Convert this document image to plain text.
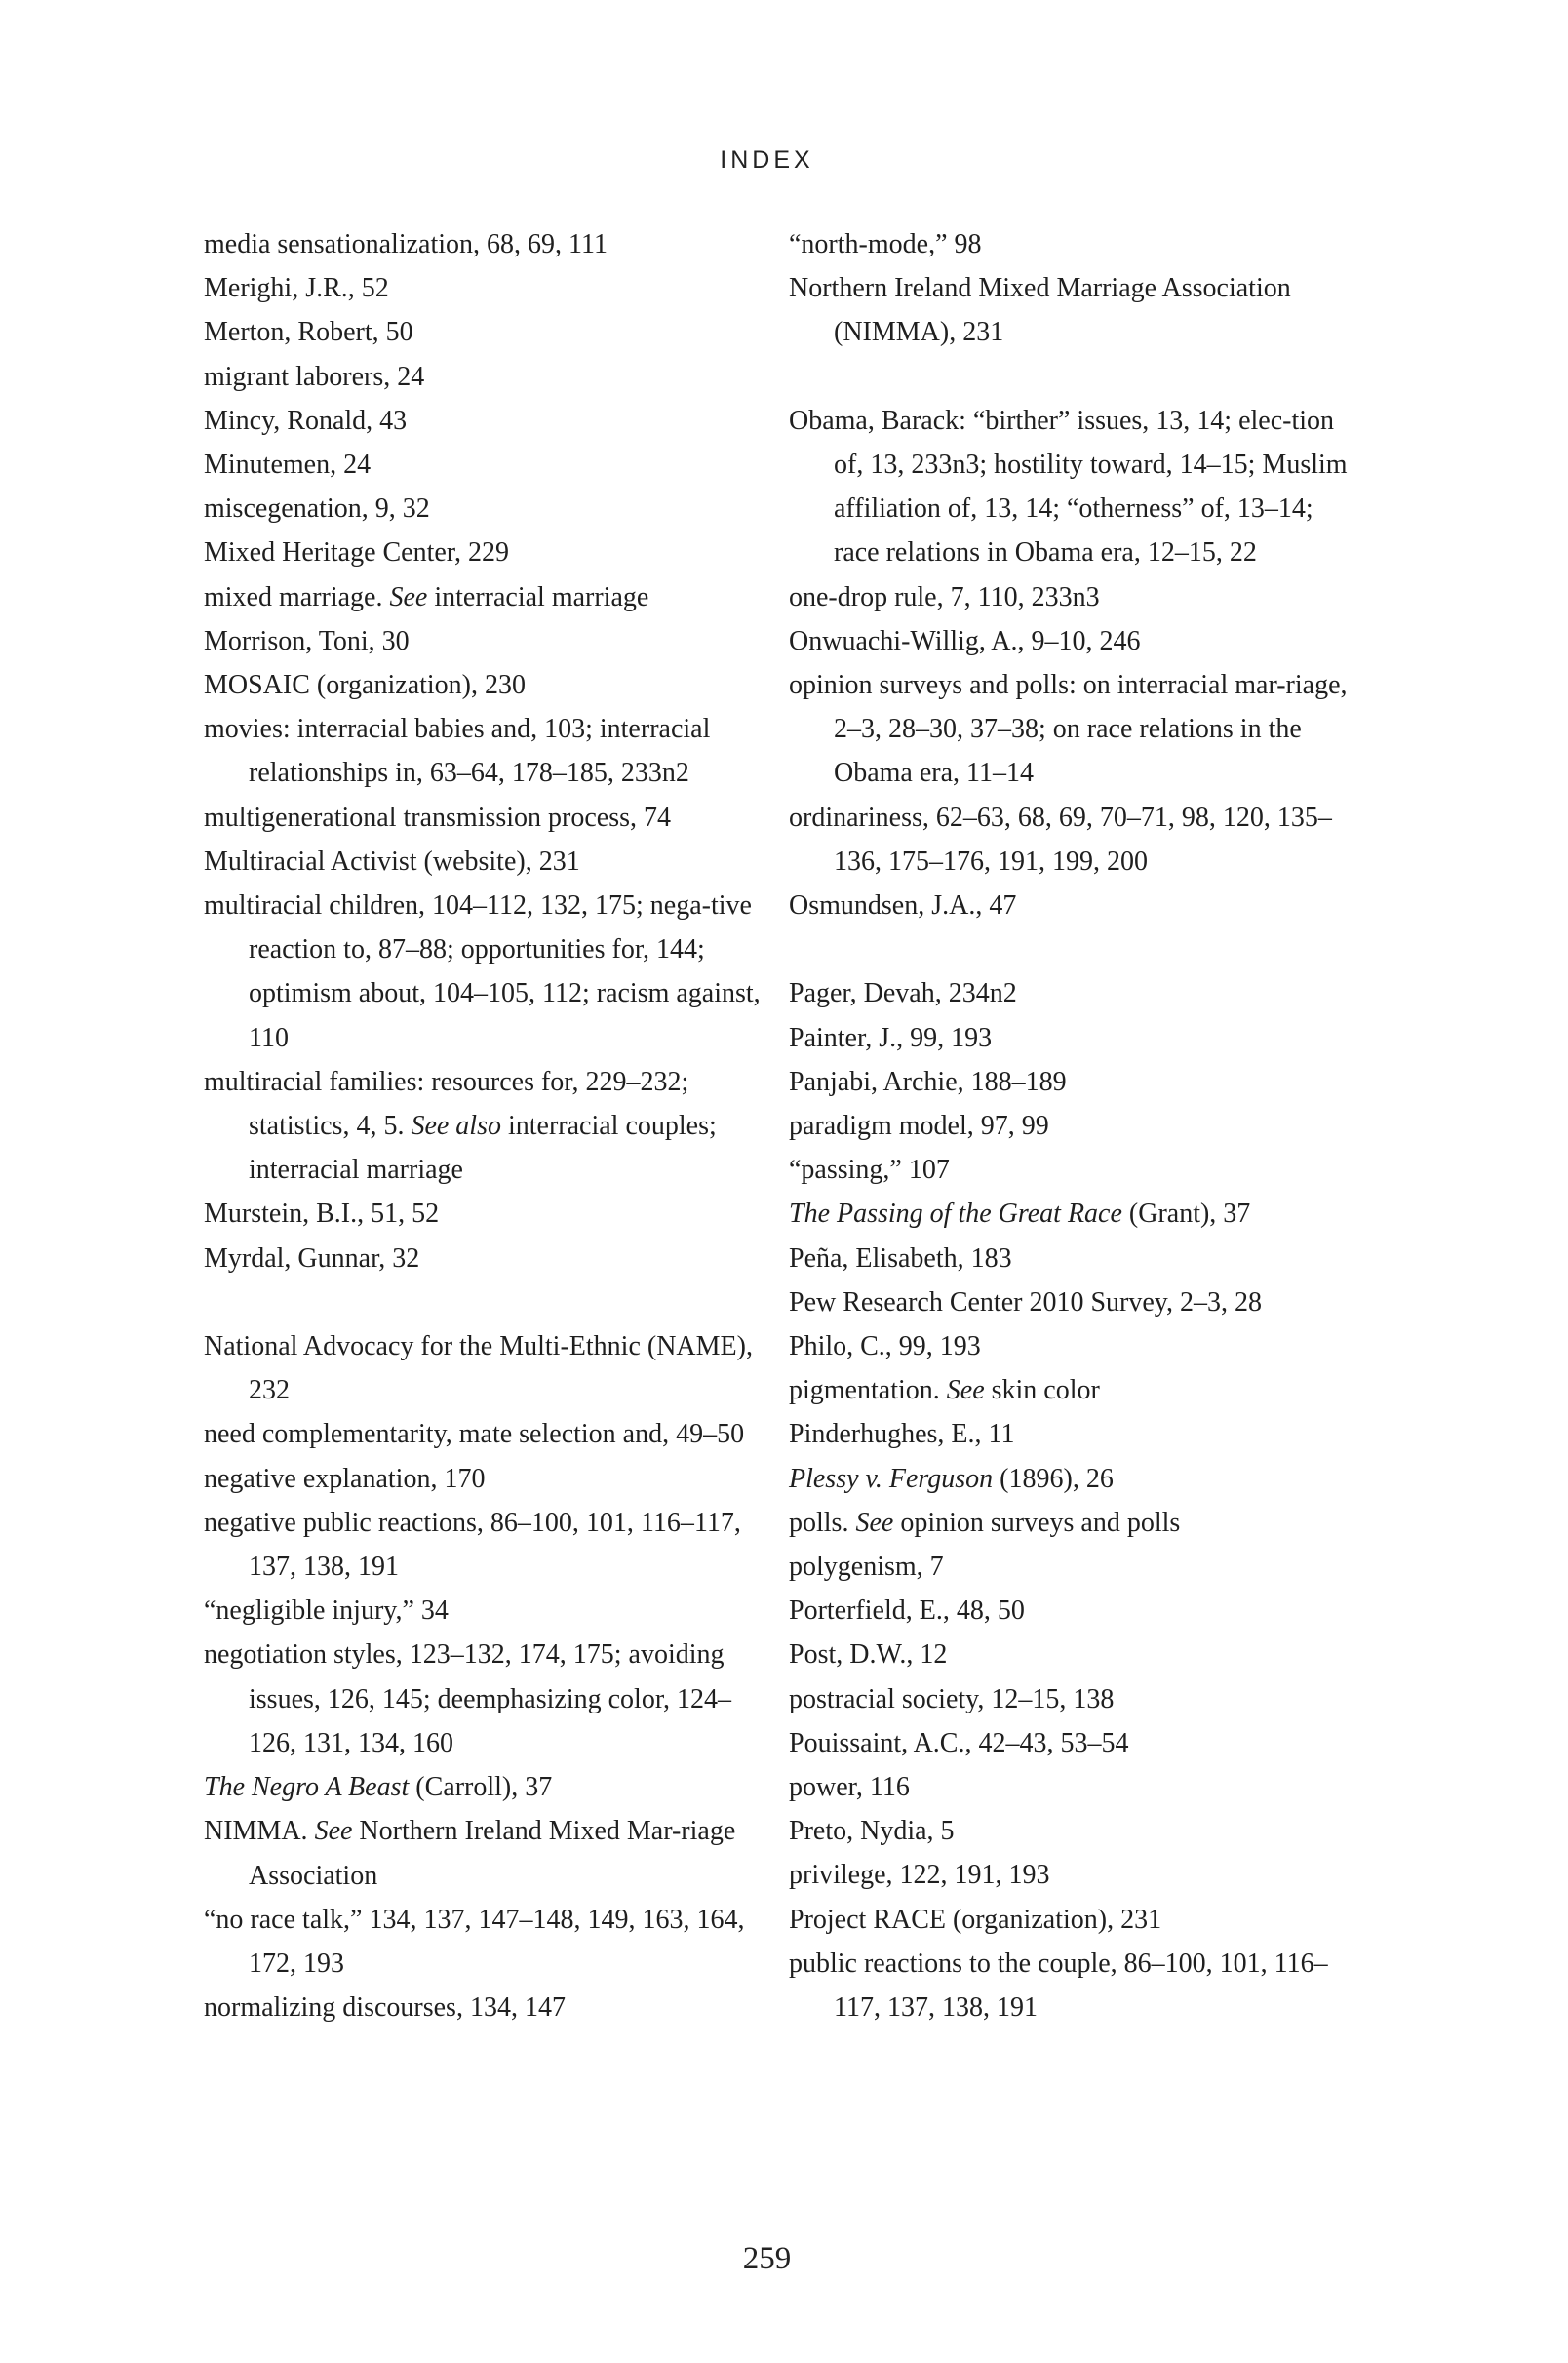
INDEX
media sensationalization, 68, 69, 111
Merighi, J.R., 52
Merton, Robert, 50
migrant laborers, 24
Mincy, Ronald, 43
Minutemen, 24
miscegenation, 9, 32
Mixed Heritage Center, 229
mixed marriage. See interracial marriage
Morrison, Toni, 30
MOSAIC (organization), 230
movies: interracial babies and, 103; interracial relationships in, 63–64, 178–185, 233n2
multigenerational transmission process, 74
Multiracial Activist (website), 231
multiracial children, 104–112, 132, 175; nega-tive reaction to, 87–88; opportunities for, 144; optimism about, 104–105, 112; racism against, 110
multiracial families: resources for, 229–232; statistics, 4, 5. See also interracial couples; interracial marriage
Murstein, B.I., 51, 52
Myrdal, Gunnar, 32
National Advocacy for the Multi-Ethnic (NAME), 232
need complementarity, mate selection and, 49–50
negative explanation, 170
negative public reactions, 86–100, 101, 116–117, 137, 138, 191
“negligible injury,” 34
negotiation styles, 123–132, 174, 175; avoiding issues, 126, 145; deemphasizing color, 124–126, 131, 134, 160
The Negro A Beast (Carroll), 37
NIMMA. See Northern Ireland Mixed Mar-riage Association
“no race talk,” 134, 137, 147–148, 149, 163, 164, 172, 193
normalizing discourses, 134, 147
“north-mode,” 98
Northern Ireland Mixed Marriage Association (NIMMA), 231
Obama, Barack: “birther” issues, 13, 14; elec-tion of, 13, 233n3; hostility toward, 14–15; Muslim affiliation of, 13, 14; “otherness” of, 13–14; race relations in Obama era, 12–15, 22
one-drop rule, 7, 110, 233n3
Onwuachi-Willig, A., 9–10, 246
opinion surveys and polls: on interracial mar-riage, 2–3, 28–30, 37–38; on race relations in the Obama era, 11–14
ordinariness, 62–63, 68, 69, 70–71, 98, 120, 135–136, 175–176, 191, 199, 200
Osmundsen, J.A., 47
Pager, Devah, 234n2
Painter, J., 99, 193
Panjabi, Archie, 188–189
paradigm model, 97, 99
“passing,” 107
The Passing of the Great Race (Grant), 37
Peña, Elisabeth, 183
Pew Research Center 2010 Survey, 2–3, 28
Philo, C., 99, 193
pigmentation. See skin color
Pinderhughes, E., 11
Plessy v. Ferguson (1896), 26
polls. See opinion surveys and polls
polygenism, 7
Porterfield, E., 48, 50
Post, D.W., 12
postracial society, 12–15, 138
Pouissaint, A.C., 42–43, 53–54
power, 116
Preto, Nydia, 5
privilege, 122, 191, 193
Project RACE (organization), 231
public reactions to the couple, 86–100, 101, 116–117, 137, 138, 191
259
